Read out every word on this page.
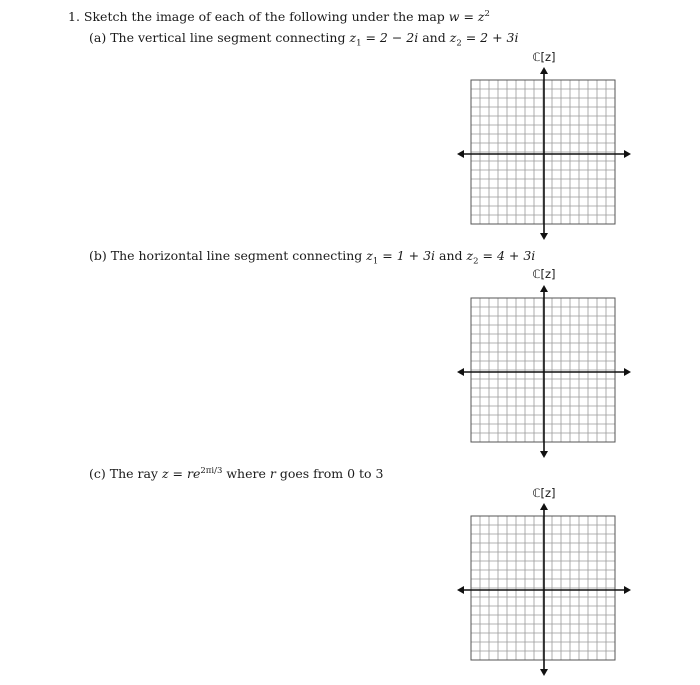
1. Sketch the image of each of the following under the map $w = z^2$
(a) The vertical line segment connecting $z_1 = 2 - 2i$ and $z_2 = 2 + 3i$
(b) The horizontal line segment connecting $z_1 = 1 + 3i$ and $z_2 = 4 + 3i$
(c) The ray $z = re^{2\pi i/3}$ where r goes from 0 to 3
ℂ[z]
ℂ[z]
ℂ[z]
